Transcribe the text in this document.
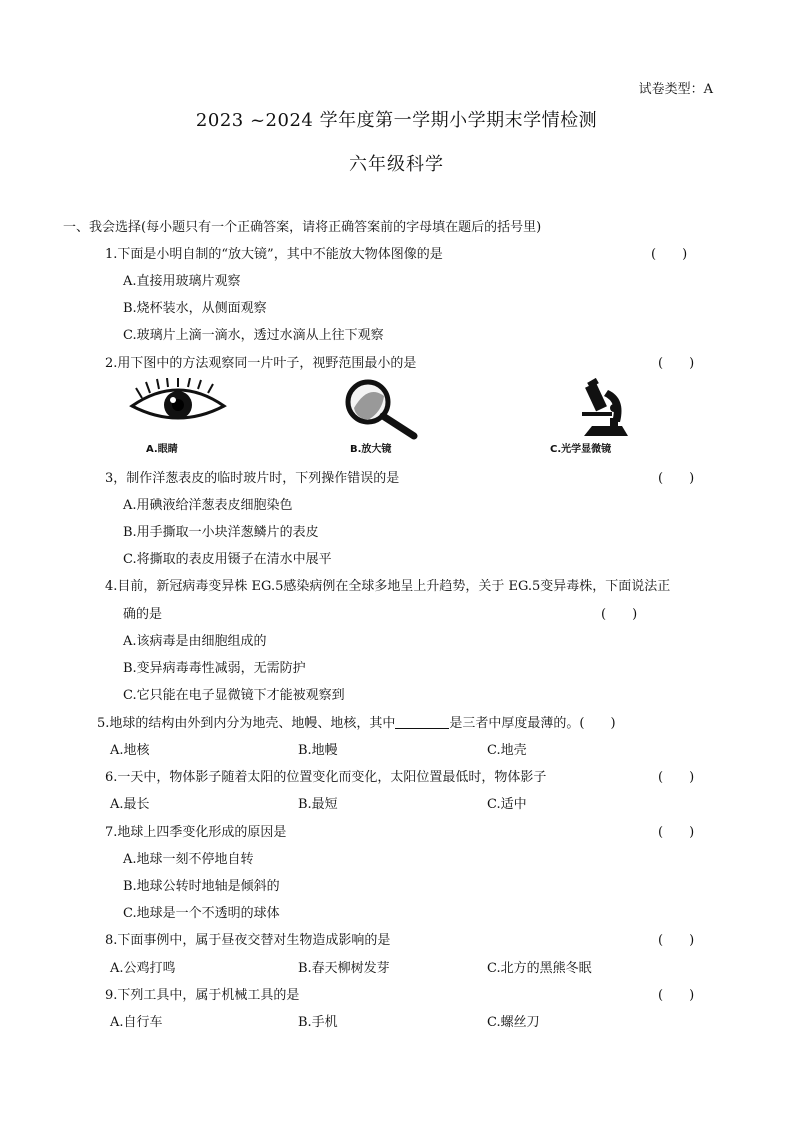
试卷类型：A
2023 ~2024 学年度第一学期小学期末学情检测
六年级科学
一、我会选择(每小题只有一个正确答案，请将正确答案前的字母填在题后的括号里)
1.下面是小明自制的“放大镜”，其中不能放大物体图像的是	(　　)
A.直接用玻璃片观察
B.烧杯装水，从侧面观察
C.玻璃片上滴一滴水，透过水滴从上往下观察
2.用下图中的方法观察同一片叶子，视野范围最小的是	(　　)
A.眼睛	B.放大镜	C.光学显微镜
3，制作洋葱表皮的临时玻片时，下列操作错误的是	(　　)
A.用碘液给洋葱表皮细胞染色
B.用手撕取一小块洋葱鳞片的表皮
C.将撕取的表皮用镊子在清水中展平
4.目前，新冠病毒变异株 EG.5感染病例在全球多地呈上升趋势，关于 EG.5变异毒株，下面说法正
确的是	(　　)
A.该病毒是由细胞组成的
B.变异病毒毒性减弱，无需防护
C.它只能在电子显微镜下才能被观察到
5.地球的结构由外到内分为地壳、地幔、地核，其中	是三者中厚度最薄的。(　　)
A.地核	B.地幔	C.地壳
6.一天中，物体影子随着太阳的位置变化而变化，太阳位置最低时，物体影子	(　　)
A.最长	B.最短	C.适中
7.地球上四季变化形成的原因是	(　　)
A.地球一刻不停地自转
B.地球公转时地轴是倾斜的
C.地球是一个不透明的球体
8.下面事例中，属于昼夜交替对生物造成影响的是	(　　)
A.公鸡打鸣	B.春天柳树发芽	C.北方的黑熊冬眠
9.下列工具中，属于机械工具的是	(　　)
A.自行车	B.手机	C.螺丝刀
